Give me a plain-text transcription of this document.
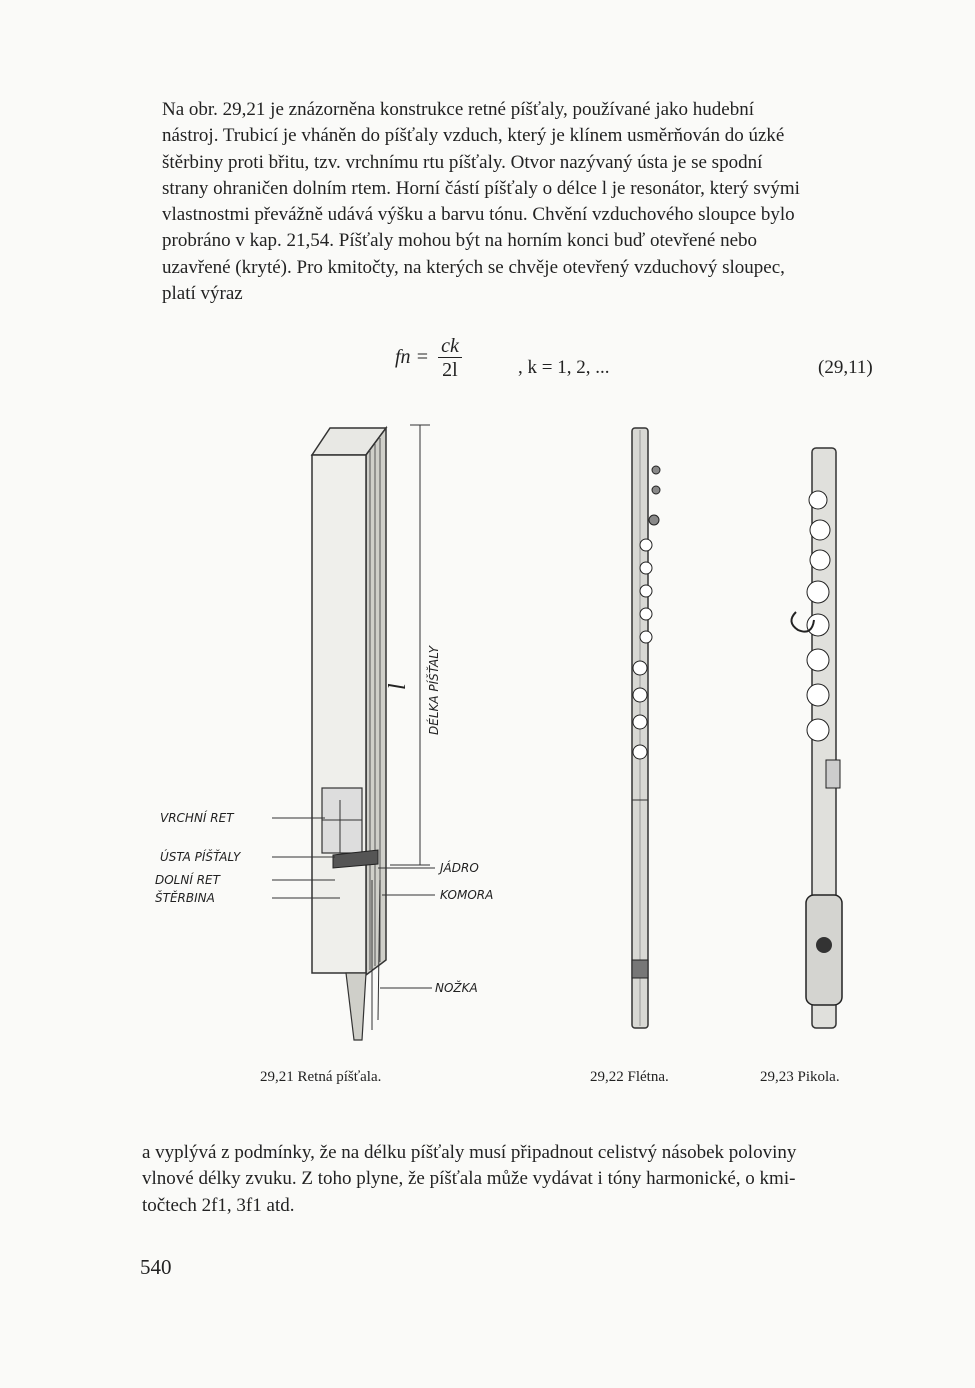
Na obr. 29,21 je znázorněna konstrukce retné píšťaly, používané jako hudební

nástroj. Trubicí je vháněn do píšťaly vzduch, který je klínem usměrňován do úzké

štěrbiny proti břitu, tzv. vrchnímu rtu píšťaly. Otvor nazývaný ústa je se spodní

strany ohraničen dolním rtem. Horní částí píšťaly o délce l je resonátor, který svými

vlastnostmi převážně udává výšku a barvu tónu. Chvění vzduchového sloupce bylo

probráno v kap. 21,54. Píšťaly mohou být na horním konci buď otevřené nebo

uzavřené (kryté). Pro kmitočty, na kterých se chvěje otevřený vzduchový sloupec,

platí výraz

fn = $\frac{ck}{2l}$	, k = 1, 2, ...	(29,11)
VRCHNÍ RET
ÚSTA PÍŠŤALY
DOLNÍ RET
ŠTĚRBINA
JÁDRO
KOMORA
NOŽKA
l DÉLKA PÍŠŤALY
29,21 Retná píšťala.	29,22 Flétna.	29,23 Pikola.

a vyplývá z podmínky, že na délku píšťaly musí připadnout celistvý násobek poloviny

vlnové délky zvuku. Z toho plyne, že píšťala může vydávat i tóny harmonické, o kmi-

točtech 2f1, 3f1 atd.

540
